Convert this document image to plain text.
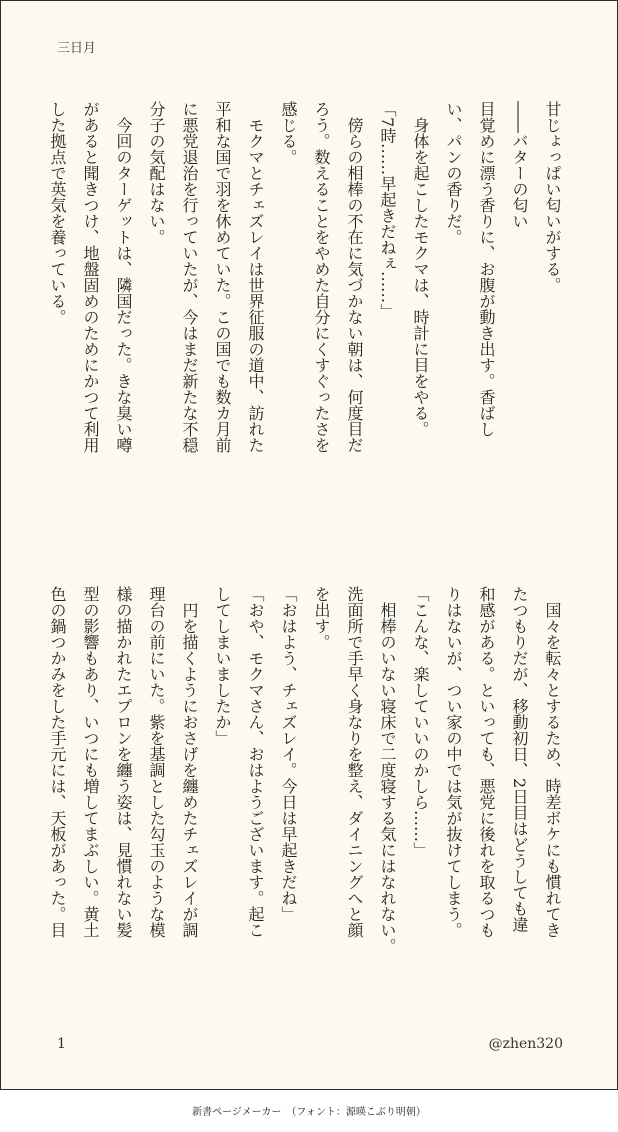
三日月

甘じょっぱい匂いがする。

――バターの匂い

目覚めに漂う香りに、お腹が動き出す。香ばし

い、パンの香りだ。

　身体を起こしたモクマは、時計に目をやる。

「7時……早起きだねぇ……」

　傍らの相棒の不在に気づかない朝は、何度目だ

ろう。数えることをやめた自分にくすぐったさを

感じる。

　モクマとチェズレイは世界征服の道中、訪れた

平和な国で羽を休めていた。この国でも数カ月前

に悪党退治を行っていたが、今はまだ新たな不穏

分子の気配はない。

　今回のターゲットは、隣国だった。きな臭い噂

があると聞きつけ、地盤固めのためにかつて利用

した拠点で英気を養っている。

　国々を転々とするため、時差ボケにも慣れてき

たつもりだが、移動初日、2日目はどうしても違

和感がある。といっても、悪党に後れを取るつも

りはないが、つい家の中では気が抜けてしまう。

「こんな、楽していいのかしら……」

　相棒のいない寝床で二度寝する気にはなれない。

洗面所で手早く身なりを整え、ダイニングへと顔

を出す。

「おはよう、チェズレイ。今日は早起きだね」

「おや、モクマさん、おはようございます。起こ

してしまいましたか」

　円を描くようにおさげを纏めたチェズレイが調

理台の前にいた。紫を基調とした勾玉のような模

様の描かれたエプロンを纏う姿は、見慣れない髪

型の影響もあり、いつにも増してまぶしい。黄土

色の鍋つかみをした手元には、天板があった。目

1	@zhen320
新書ページメーカー　（フォント：源暎こぶり明朝）
